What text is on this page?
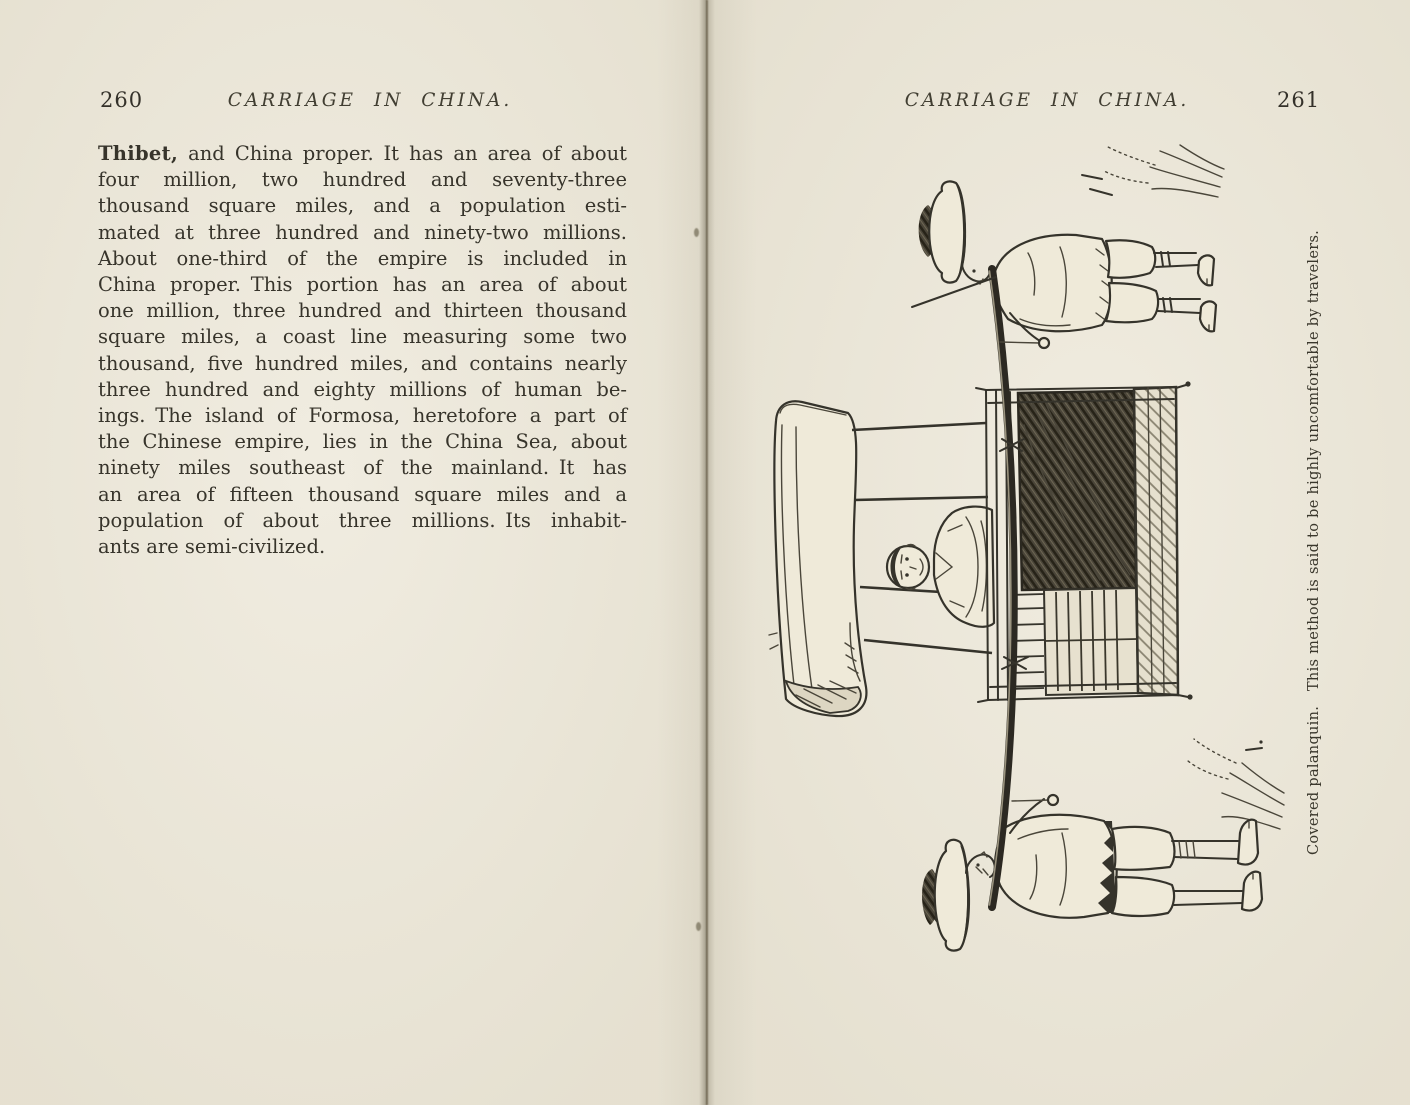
260	CARRIAGE IN CHINA.
Thibet, and China proper. It has an area of about
four million, two hundred and seventy-three
thousand square miles, and a population esti-
mated at three hundred and ninety-two millions.
About one-third of the empire is included in
China proper. This portion has an area of about
one million, three hundred and thirteen thousand
square miles, a coast line measuring some two
thousand, five hundred miles, and contains nearly
three hundred and eighty millions of human be-
ings. The island of Formosa, heretofore a part of
the Chinese empire, lies in the China Sea, about
ninety miles southeast of the mainland. It has
an area of fifteen thousand square miles and a
population of about three millions. Its inhabit-
ants are semi-civilized.
CARRIAGE IN CHINA.	261
Covered palanquin. This method is said to be highly uncomfortable by travelers.
